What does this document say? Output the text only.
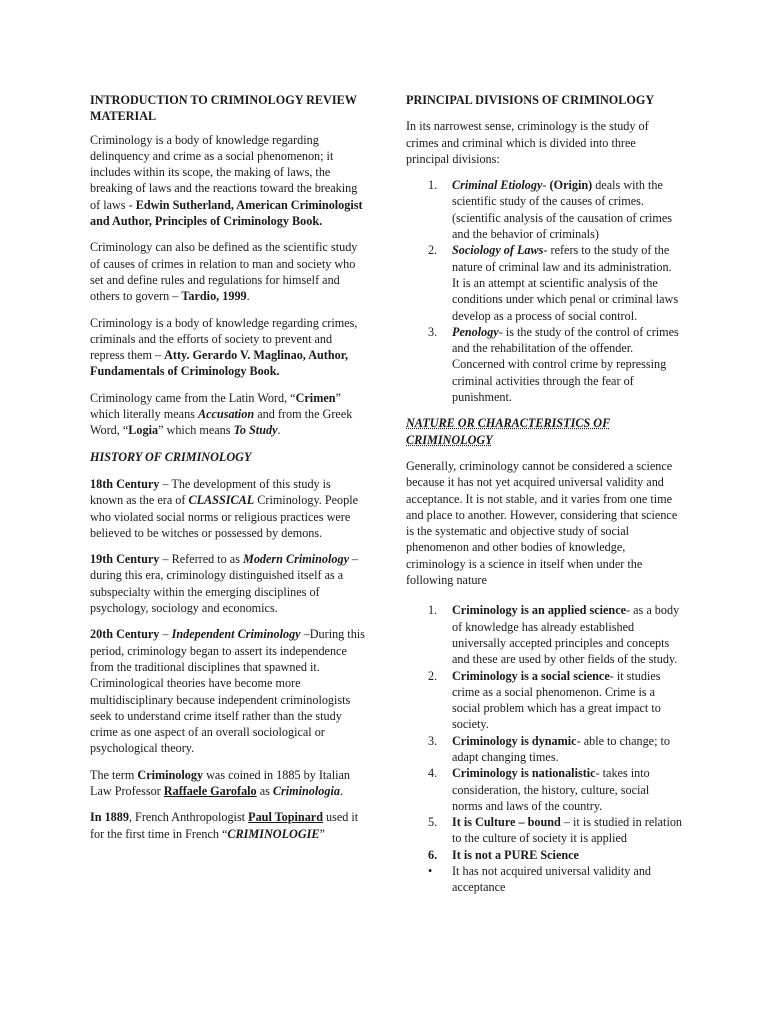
INTRODUCTION TO CRIMINOLOGY REVIEW MATERIAL

Criminology is a body of knowledge regarding delinquency and crime as a social phenomenon; it includes within its scope, the making of laws, the breaking of laws and the reactions toward the breaking of laws - Edwin Sutherland, American Criminologist and Author, Principles of Criminology Book.

Criminology can also be defined as the scientific study of causes of crimes in relation to man and society who set and define rules and regulations for himself and others to govern – Tardio, 1999.

Criminology is a body of knowledge regarding crimes, criminals and the efforts of society to prevent and repress them – Atty. Gerardo V. Maglinao, Author, Fundamentals of Criminology Book.

Criminology came from the Latin Word, “Crimen” which literally means Accusation and from the Greek Word, “Logia” which means To Study.

HISTORY OF CRIMINOLOGY

18th Century – The development of this study is known as the era of CLASSICAL Criminology. People who violated social norms or religious practices were believed to be witches or possessed by demons.

19th Century – Referred to as Modern Criminology – during this era, criminology distinguished itself as a subspecialty within the emerging disciplines of psychology, sociology and economics.

20th Century – Independent Criminology –During this period, criminology began to assert its independence from the traditional disciplines that spawned it. Criminological theories have become more multidisciplinary because independent criminologists seek to understand crime itself rather than the study crime as one aspect of an overall sociological or psychological theory.

The term Criminology was coined in 1885 by Italian Law Professor Raffaele Garofalo as Criminologia.

In 1889, French Anthropologist Paul Topinard used it for the first time in French “CRIMINOLOGIE”

PRINCIPAL DIVISIONS OF CRIMINOLOGY

In its narrowest sense, criminology is the study of crimes and criminal which is divided into three principal divisions:

1. Criminal Etiology- (Origin) deals with the scientific study of the causes of crimes. (scientific analysis of the causation of crimes and the behavior of criminals)
2. Sociology of Laws- refers to the study of the nature of criminal law and its administration. It is an attempt at scientific analysis of the conditions under which penal or criminal laws develop as a process of social control.
3. Penology- is the study of the control of crimes and the rehabilitation of the offender. Concerned with control crime by repressing criminal activities through the fear of punishment.
NATURE OR CHARACTERISTICS OF CRIMINOLOGY

Generally, criminology cannot be considered a science because it has not yet acquired universal validity and acceptance. It is not stable, and it varies from one time and place to another. However, considering that science is the systematic and objective study of social phenomenon and other bodies of knowledge, criminology is a science in itself when under the following nature

1. Criminology is an applied science- as a body of knowledge has already established universally accepted principles and concepts and these are used by other fields of the study.
2. Criminology is a social science- it studies crime as a social phenomenon. Crime is a social problem which has a great impact to society.
3. Criminology is dynamic- able to change; to adapt changing times.
4. Criminology is nationalistic- takes into consideration, the history, culture, social norms and laws of the country.
5. It is Culture – bound – it is studied in relation to the culture of society it is applied
6. It is not a PURE Science
• It has not acquired universal validity and acceptance
